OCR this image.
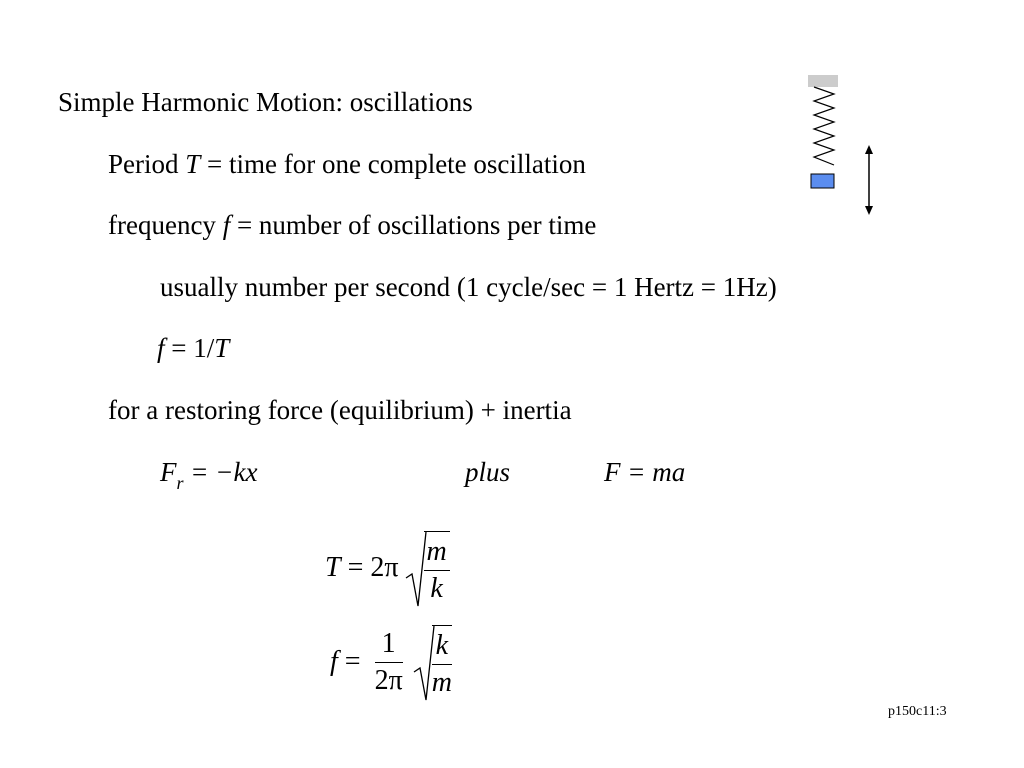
Simple Harmonic Motion: oscillations
Period T = time for one complete oscillation
frequency f = number of oscillations per time
usually number per second (1 cycle/sec = 1 Hertz = 1Hz)
f = 1/T
for a restoring force (equilibrium) + inertia
$F_r = -kx$	plus	F = ma
$T = 2\pi \frac{m}{k}$
$f = \frac{1}{2\pi}$
$\frac{k}{m}$
p150c11:3
